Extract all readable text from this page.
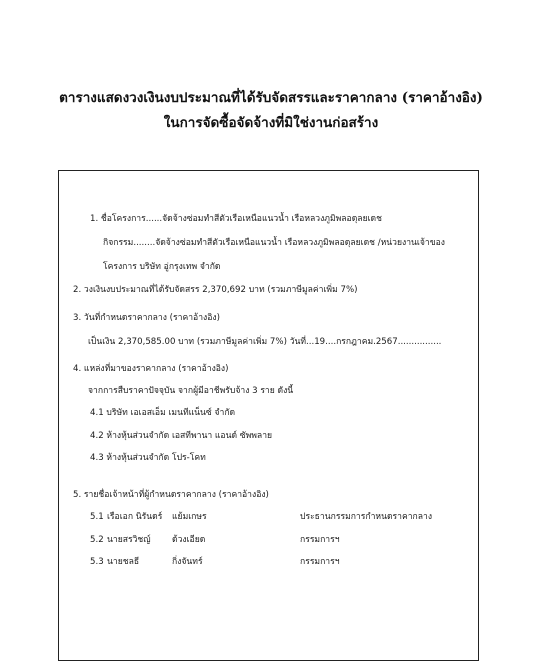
ตารางแสดงวงเงินงบประมาณที่ได้รับจัดสรรและราคากลาง (ราคาอ้างอิง)
ในการจัดซื้อจัดจ้างที่มิใช่งานก่อสร้าง
1. ชื่อโครงการ......จัดจ้างซ่อมทำสีตัวเรือเหนือแนวน้ำ เรือหลวงภูมิพลอดุลยเดช
กิจกรรม........จัดจ้างซ่อมทำสีตัวเรือเหนือแนวน้ำ เรือหลวงภูมิพลอดุลยเดช /หน่วยงานเจ้าของ
โครงการ บริษัท อู่กรุงเทพ จำกัด
2. วงเงินงบประมาณที่ได้รับจัดสรร 2,370,692 บาท (รวมภาษีมูลค่าเพิ่ม 7%)
3. วันที่กำหนดราคากลาง (ราคาอ้างอิง)
เป็นเงิน 2,370,585.00 บาท (รวมภาษีมูลค่าเพิ่ม 7%) วันที่...19....กรกฎาคม.2567................
4. แหล่งที่มาของราคากลาง (ราคาอ้างอิง)
จากการสืบราคาปัจจุบัน จากผู้มีอาชีพรับจ้าง 3 ราย ดังนี้
4.1 บริษัท เอเอสเอ็ม เมนทีแน็นซ์ จำกัด
4.2 ห้างหุ้นส่วนจำกัด เอสทีพานา แอนด์ ซัพพลาย
4.3 ห้างหุ้นส่วนจำกัด โปร-โคท
5. รายชื่อเจ้าหน้าที่ผู้กำหนดราคากลาง (ราคาอ้างอิง)
5.1 เรือเอก นิรันดร์ แย้มเกษร	ประธานกรรมการกำหนดราคากลาง
5.2 นายสรวิชญ์ ด้วงเอียด	กรรมการฯ
5.3 นายชลธี	กิ่งจันทร์	กรรมการฯ
